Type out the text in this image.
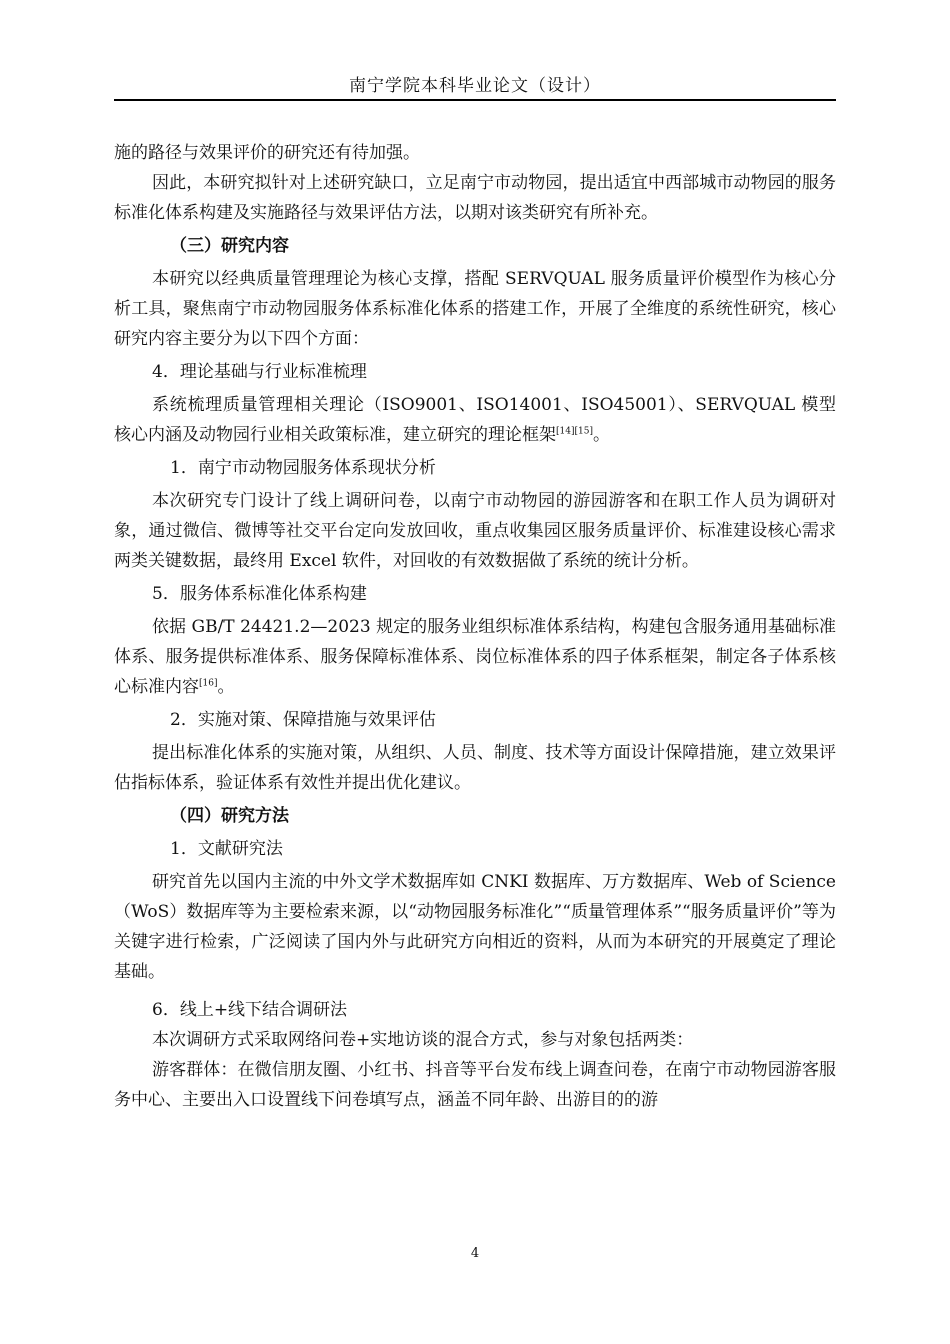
南宁学院本科毕业论文（设计）

施的路径与效果评价的研究还有待加强。

因此，本研究拟针对上述研究缺口，立足南宁市动物园，提出适宜中西部城市动物园的服务标准化体系构建及实施路径与效果评估方法，以期对该类研究有所补充。

（三）研究内容

本研究以经典质量管理理论为核心支撑，搭配 SERVQUAL 服务质量评价模型作为核心分析工具，聚焦南宁市动物园服务体系标准化体系的搭建工作，开展了全维度的系统性研究，核心研究内容主要分为以下四个方面：

4．理论基础与行业标准梳理

系统梳理质量管理相关理论（ISO9001、ISO14001、ISO45001）、SERVQUAL 模型核心内涵及动物园行业相关政策标准，建立研究的理论框架[14][15]。

1．南宁市动物园服务体系现状分析

本次研究专门设计了线上调研问卷，以南宁市动物园的游园游客和在职工作人员为调研对象，通过微信、微博等社交平台定向发放回收，重点收集园区服务质量评价、标准建设核心需求两类关键数据，最终用 Excel 软件，对回收的有效数据做了系统的统计分析。

5．服务体系标准化体系构建

依据 GB/T 24421.2—2023 规定的服务业组织标准体系结构，构建包含服务通用基础标准体系、服务提供标准体系、服务保障标准体系、岗位标准体系的四子体系框架，制定各子体系核心标准内容[16]。

2．实施对策、保障措施与效果评估

提出标准化体系的实施对策，从组织、人员、制度、技术等方面设计保障措施，建立效果评估指标体系，验证体系有效性并提出优化建议。

（四）研究方法

1．文献研究法

研究首先以国内主流的中外文学术数据库如 CNKI 数据库、万方数据库、Web of Science（WoS）数据库等为主要检索来源，以“动物园服务标准化”“质量管理体系”“服务质量评价”等为关键字进行检索，广泛阅读了国内外与此研究方向相近的资料，从而为本研究的开展奠定了理论基础。

6．线上+线下结合调研法

本次调研方式采取网络问卷+实地访谈的混合方式，参与对象包括两类：

游客群体：在微信朋友圈、小红书、抖音等平台发布线上调查问卷，在南宁市动物园游客服务中心、主要出入口设置线下问卷填写点，涵盖不同年龄、出游目的的游

4
